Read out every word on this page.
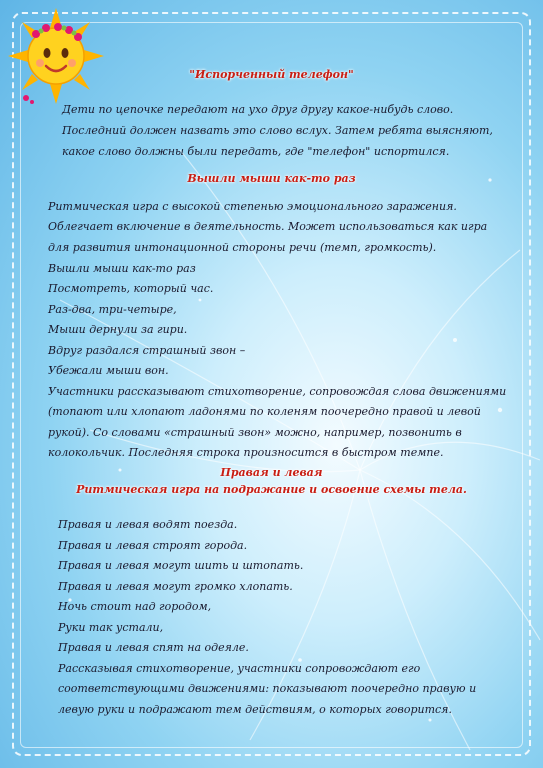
"Испорченный телефон"
Дети по цепочке передают на ухо друг другу какое-нибудь слово.
Последний должен назвать это слово вслух. Затем ребята выясняют,
какое слово должны были передать, где "телефон" испортился.
Вышли мыши как-то раз
Ритмическая игра с высокой степенью эмоционального заражения.
Облегчает включение в деятельность. Может использоваться как игра
для развития интонационной стороны речи (темп, громкость).
Вышли мыши как-то раз
Посмотреть, который час.
Раз-два, три-четыре,
Мыши дернули за гири.
Вдруг раздался страшный звон –
Убежали мыши вон.
Участники рассказывают стихотворение, сопровождая слова движениями
(топают или хлопают ладонями по коленям поочередно правой и левой
рукой). Со словами «страшный звон» можно, например, позвонить в
колокольчик. Последняя строка произносится в быстром темпе.
Правая и левая
Ритмическая игра на подражание и освоение схемы тела.
Правая и левая водят поезда.
Правая и левая строят города.
Правая и левая могут шить и штопать.
Правая и левая могут громко хлопать.
Ночь стоит над городом,
Руки так устали,
Правая и левая спят на одеяле.
Рассказывая стихотворение, участники сопровождают его
соответствующими движениями: показывают поочередно правую и
левую руки и подражают тем действиям, о которых говорится.
